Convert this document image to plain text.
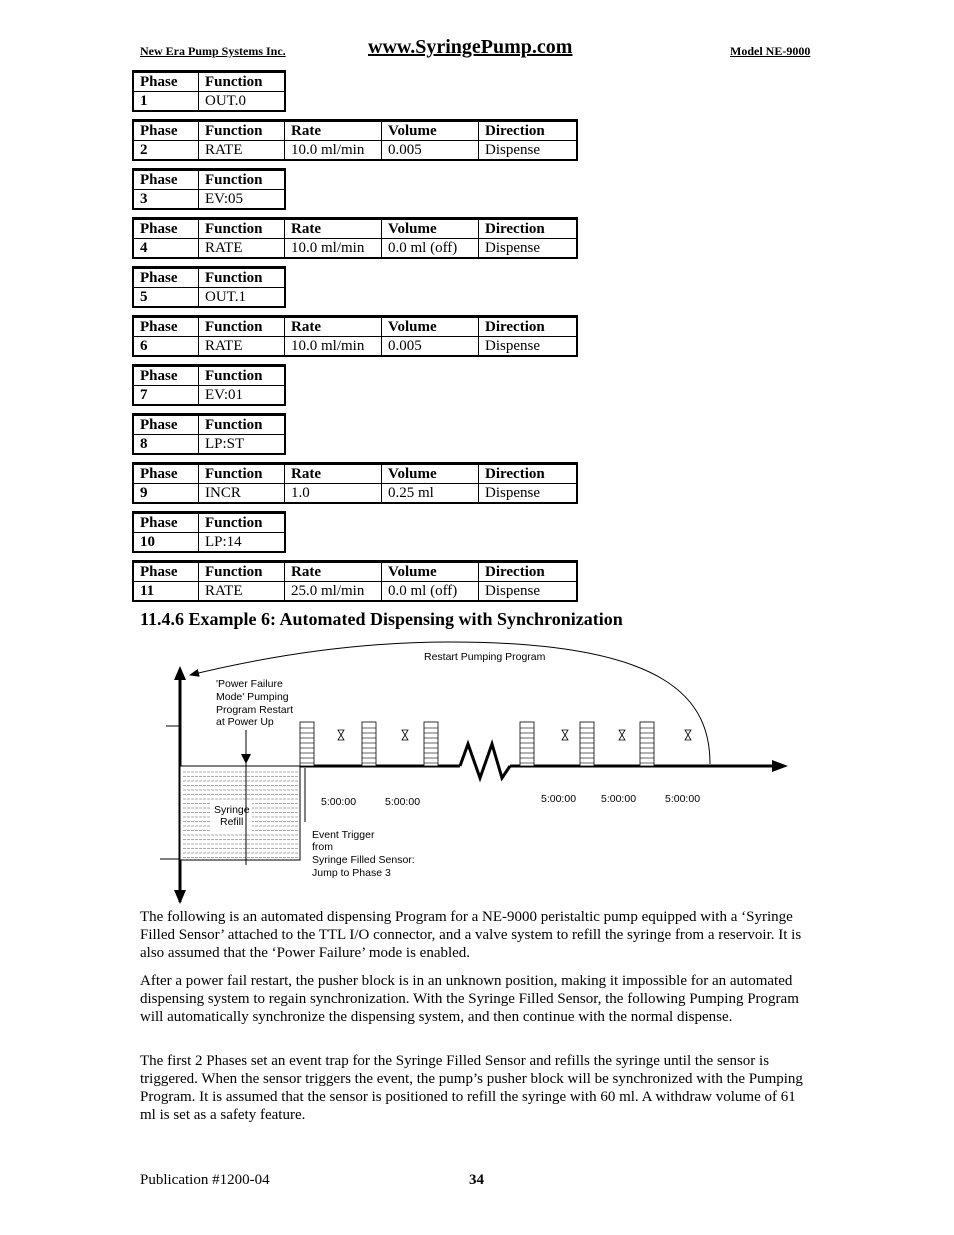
New Era Pump Systems Inc.	www.SyringePump.com	Model NE-9000
Phase	Function
1	OUT.0
Phase	Function	Rate	Volume	Direction
2	RATE	10.0 ml/min	0.005	Dispense
Phase	Function
3	EV:05
Phase	Function	Rate	Volume	Direction
4	RATE	10.0 ml/min	0.0 ml (off)	Dispense
Phase	Function
5	OUT.1
Phase	Function	Rate	Volume	Direction
6	RATE	10.0 ml/min	0.005	Dispense
Phase	Function
7	EV:01
Phase	Function
8	LP:ST
Phase	Function	Rate	Volume	Direction
9	INCR	1.0	0.25 ml	Dispense
Phase	Function
10	LP:14
Phase	Function	Rate	Volume	Direction
11	RATE	25.0 ml/min	0.0 ml (off)	Dispense
11.4.6 Example 6: Automated Dispensing with Synchronization
Restart Pumping Program
Syringe
Refill
'Power Failure
Mode' Pumping
Program Restart
at Power Up
5:00:00	5:00:00	5:00:00 5:00:00	5:00:00
Event Trigger
from
Syringe Filled Sensor:
Jump to Phase 3
The following is an automated dispensing Program for a NE-9000 peristaltic pump equipped with a ‘Syringe Filled Sensor’ attached to the TTL I/O connector, and a valve system to refill the syringe from a reservoir. It is also assumed that the ‘Power Failure’ mode is enabled.
After a power fail restart, the pusher block is in an unknown position, making it impossible for an automated dispensing system to regain synchronization. With the Syringe Filled Sensor, the following Pumping Program will automatically synchronize the dispensing system, and then continue with the normal dispense.
The first 2 Phases set an event trap for the Syringe Filled Sensor and refills the syringe until the sensor is triggered. When the sensor triggers the event, the pump’s pusher block will be synchronized with the Pumping Program. It is assumed that the sensor is positioned to refill the syringe with 60 ml. A withdraw volume of 61 ml is set as a safety feature.
Publication #1200-04	34
